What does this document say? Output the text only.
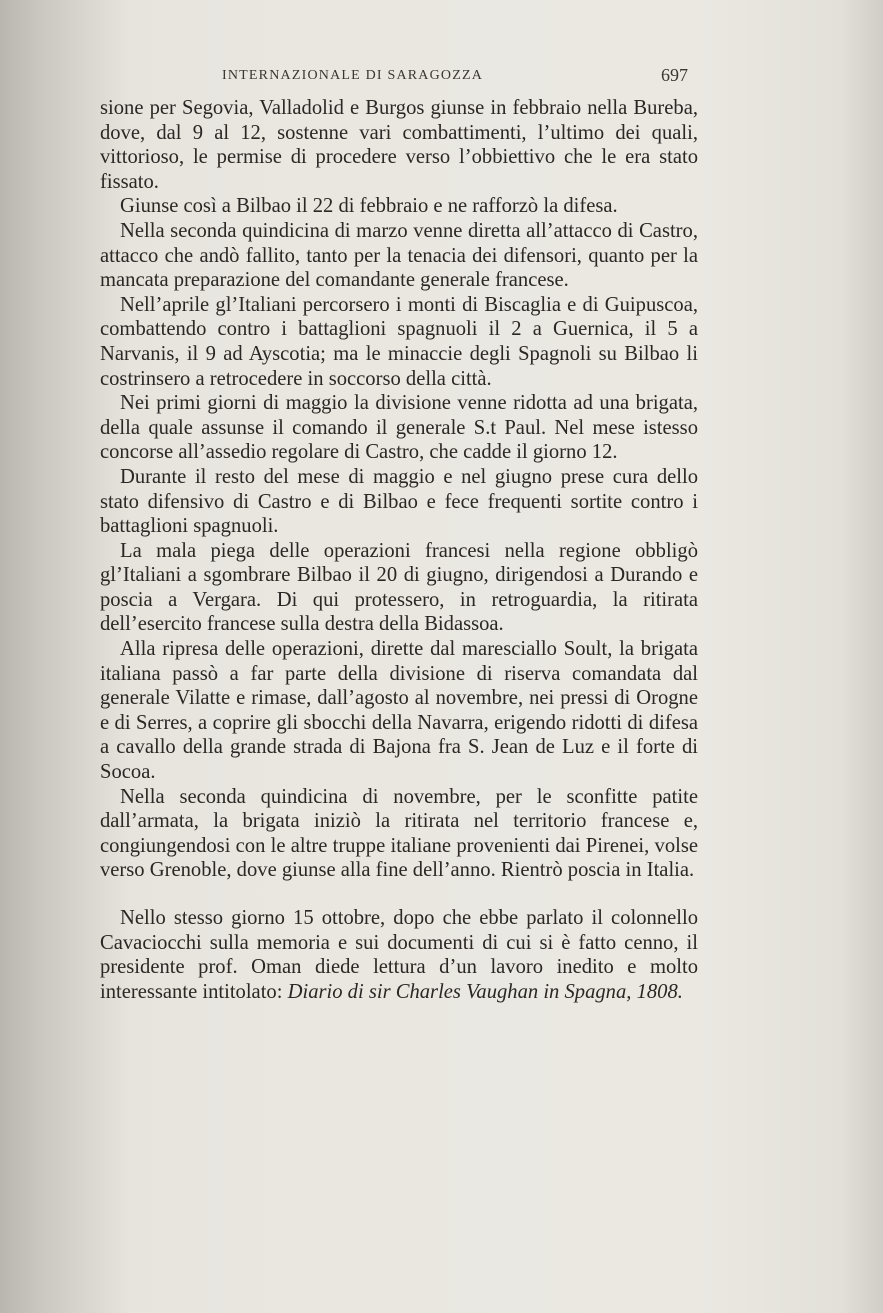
INTERNAZIONALE DI SARAGOZZA	697

sione per Segovia, Valladolid e Burgos giunse in febbraio nella Bureba, dove, dal 9 al 12, sostenne vari combattimenti, l’ultimo dei quali, vittorioso, le permise di procedere verso l’obbiettivo che le era stato fissato.

Giunse così a Bilbao il 22 di febbraio e ne rafforzò la difesa.

Nella seconda quindicina di marzo venne diretta all’attacco di Castro, attacco che andò fallito, tanto per la tenacia dei difensori, quanto per la mancata preparazione del comandante generale francese.

Nell’aprile gl’Italiani percorsero i monti di Biscaglia e di Guipuscoa, combattendo contro i battaglioni spagnuoli il 2 a Guernica, il 5 a Narvanis, il 9 ad Ayscotia; ma le minaccie degli Spagnoli su Bilbao li costrinsero a retrocedere in soccorso della città.

Nei primi giorni di maggio la divisione venne ridotta ad una brigata, della quale assunse il comando il generale S.t Paul. Nel mese istesso concorse all’assedio regolare di Castro, che cadde il giorno 12.

Durante il resto del mese di maggio e nel giugno prese cura dello stato difensivo di Castro e di Bilbao e fece frequenti sortite contro i battaglioni spagnuoli.

La mala piega delle operazioni francesi nella regione obbligò gl’Italiani a sgombrare Bilbao il 20 di giugno, dirigendosi a Durando e poscia a Vergara. Di qui protessero, in retroguardia, la ritirata dell’esercito francese sulla destra della Bidassoa.

Alla ripresa delle operazioni, dirette dal maresciallo Soult, la brigata italiana passò a far parte della divisione di riserva comandata dal generale Vilatte e rimase, dall’agosto al novembre, nei pressi di Orogne e di Serres, a coprire gli sbocchi della Navarra, erigendo ridotti di difesa a cavallo della grande strada di Bajona fra S. Jean de Luz e il forte di Socoa.

Nella seconda quindicina di novembre, per le sconfitte patite dall’armata, la brigata iniziò la ritirata nel territorio francese e, congiungendosi con le altre truppe italiane provenienti dai Pirenei, volse verso Grenoble, dove giunse alla fine dell’anno. Rientrò poscia in Italia.

Nello stesso giorno 15 ottobre, dopo che ebbe parlato il colonnello Cavaciocchi sulla memoria e sui documenti di cui si è fatto cenno, il presidente prof. Oman diede lettura d’un lavoro inedito e molto interessante intitolato: Diario di sir Charles Vaughan in Spagna, 1808.
